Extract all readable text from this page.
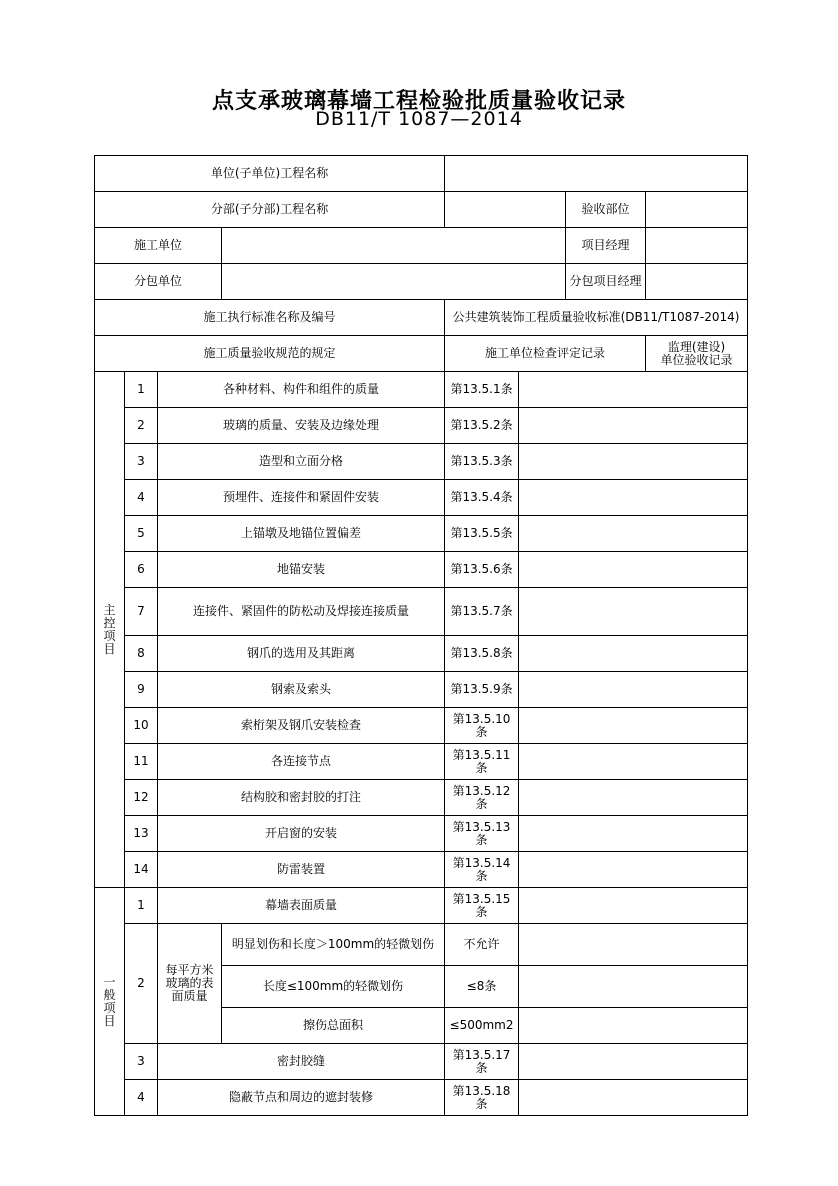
点支承玻璃幕墙工程检验批质量验收记录
DB11/T 1087—2014
单位(子单位)工程名称								
分部(子分部)工程名称						验收部位		
施工单位						项目经理		
分包单位						分包项目经理		
施工执行标准名称及编号				公共建筑装饰工程质量验收标准(DB11/T1087-2014)				
施工质量验收规范的规定				施工单位检查评定记录			监理(建设)
单位验收记录	

主
控
项
目	1	各种材料、构件和组件的质量		第13.5.1条				
	2	玻璃的质量、安装及边缘处理		第13.5.2条				
	3	造型和立面分格		第13.5.3条				
	4	预埋件、连接件和紧固件安装		第13.5.4条				
	5	上锚墩及地锚位置偏差		第13.5.5条				
	6	地锚安装		第13.5.6条				
	7	连接件、紧固件的防松动及焊接连接质量		第13.5.7条				
	8	钢爪的选用及其距离		第13.5.8条				
	9	钢索及索头		第13.5.9条				
	10	索桁架及钢爪安装检查		第13.5.10条				
	11	各连接节点		第13.5.11条				
	12	结构胶和密封胶的打注		第13.5.12条				
	13	开启窗的安装		第13.5.13条				
	14	防雷装置		第13.5.14条				

一
般
项
目	1	幕墙表面质量		第13.5.15条				
	2	每平方米玻璃的表面质量	明显划伤和长度＞100mm的轻微划伤	不允许				
			长度≤100mm的轻微划伤	≤8条				
			擦伤总面积	≤500mm2				
	3	密封胶缝		第13.5.17条				
	4	隐蔽节点和周边的遮封装修		第13.5.18条				
